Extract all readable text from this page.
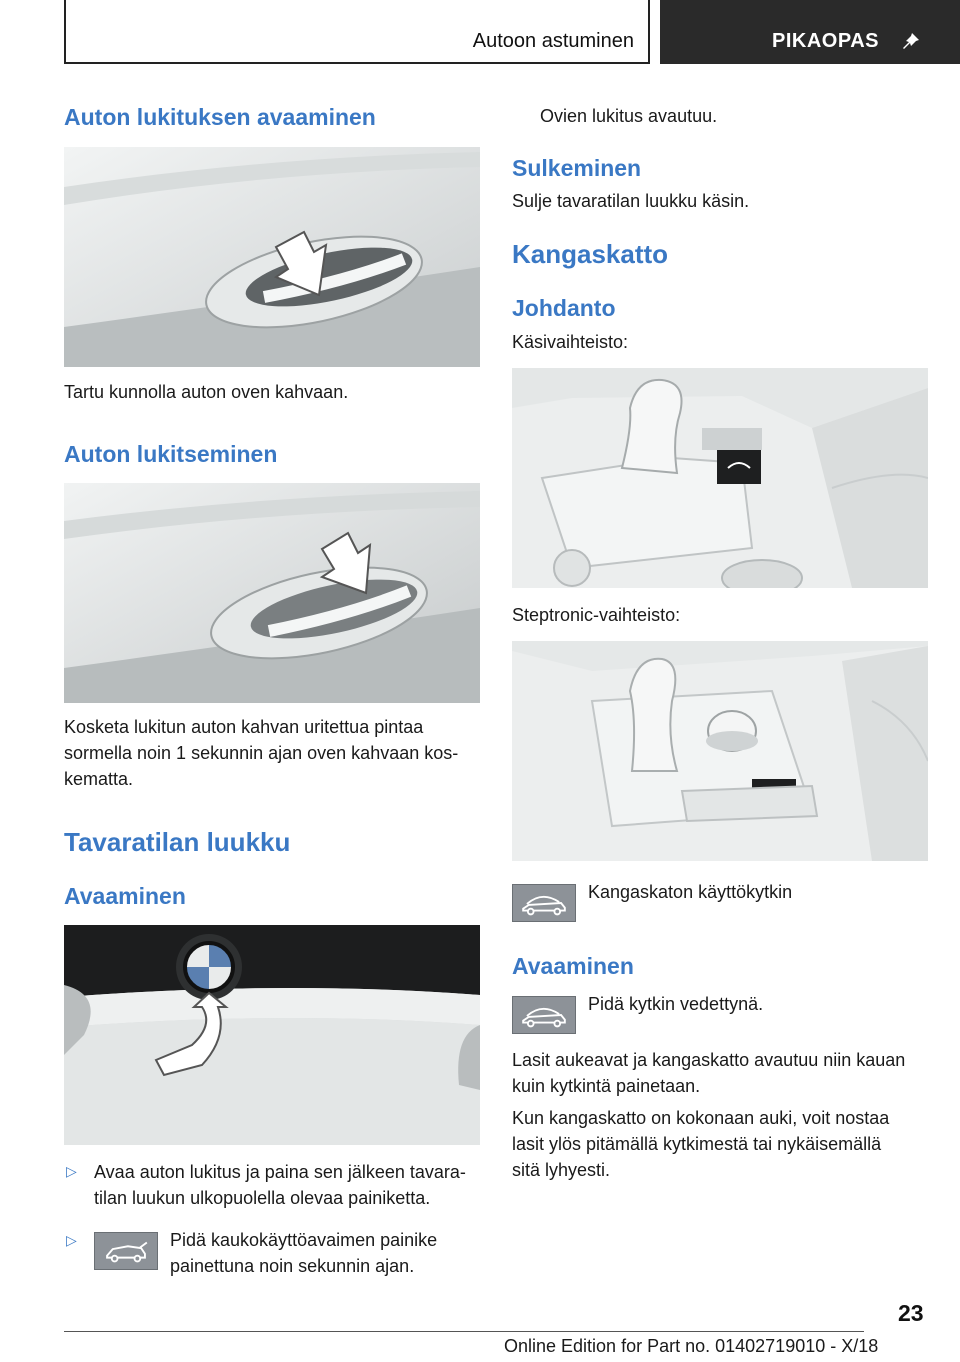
Autoon astuminen	PIKAOPAS
Auton lukituksen avaaminen
Tartu kunnolla auton oven kahvaan.
Auton lukitseminen
Kosketa lukitun auton kahvan uritettua pintaa
sormella noin 1 sekunnin ajan oven kahvaan kos-
kematta.
Tavaratilan luukku
Avaaminen
▷ Avaa auton lukitus ja paina sen jälkeen tavara-
tilan luukun ulkopuolella olevaa painiketta.
▷	Pidä kaukokäyttöavaimen painike
painettuna noin sekunnin ajan.
Ovien lukitus avautuu.
Sulkeminen
Sulje tavaratilan luukku käsin.
Kangaskatto
Johdanto
Käsivaihteisto:
Steptronic-vaihteisto:
Kangaskaton käyttökytkin
Avaaminen
Pidä kytkin vedettynä.
Lasit aukeavat ja kangaskatto avautuu niin kauan
kuin kytkintä painetaan.
Kun kangaskatto on kokonaan auki, voit nostaa
lasit ylös pitämällä kytkimestä tai nykäisemällä
sitä lyhyesti.
23
Online Edition for Part no. 01402719010 - X/18
